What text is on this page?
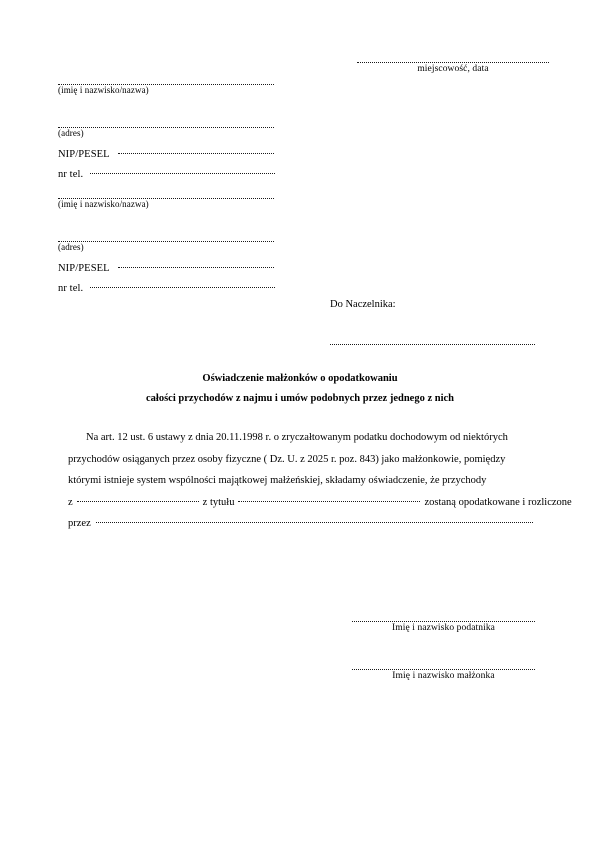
miejscowość, data
(imię i nazwisko/nazwa)
(adres)
NIP/PESEL
nr tel.
(imię i nazwisko/nazwa)
(adres)
NIP/PESEL
nr tel.
Do Naczelnika:
Oświadczenie małżonków o opodatkowaniu
całości przychodów z najmu i umów podobnych przez jednego z nich
Na art. 12 ust. 6 ustawy z dnia 20.11.1998 r. o zryczałtowanym podatku dochodowym od niektórych
przychodów osiąganych przez osoby fizyczne ( Dz. U. z 2025 r. poz. 843) jako małżonkowie, pomiędzy
którymi istnieje system wspólności majątkowej małżeńskiej, składamy oświadczenie, że przychody
z	z tytułu	zostaną opodatkowane i rozliczone
przez
Imię i nazwisko podatnika
Imię i nazwisko małżonka
